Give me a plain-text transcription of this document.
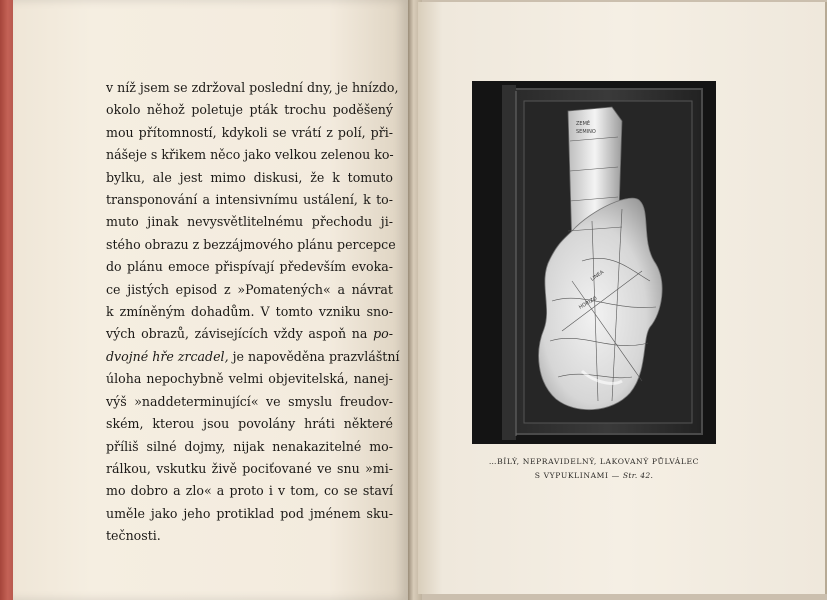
v níž jsem se zdržoval poslední dny, je hnízdo,
okolo něhož poletuje pták trochu poděšený
mou přítomností, kdykoli se vrátí z polí, při-
nášeje s křikem něco jako velkou zelenou ko-
bylku, ale jest mimo diskusi, že k tomuto
transponování a intensivnímu ustálení, k to-
muto jinak nevysvětlitelnému přechodu ji-
stého obrazu z bezzájmového plánu percepce
do plánu emoce přispívají především evoka-
ce jistých episod z »Pomatených« a návrat
k zmíněným dohadům. V tomto vzniku sno-
vých obrazů, závisejících vždy aspoň na po-
dvojné hře zrcadel, je napověděna prazvláštní
úloha nepochybně velmi objevitelská, nanej-
výš »naddeterminující« ve smyslu freudov-
ském, kterou jsou povolány hráti některé
příliš silné dojmy, nijak nenakazitelné mo-
rálkou, vskutku živě pociťované ve snu »mi-
mo dobro a zlo« a proto i v tom, co se staví
uměle jako jeho protiklad pod jménem sku-
tečnosti.
ZEMĚ
SEMINO
LINEA
HORIZO
…BÍLÝ, NEPRAVIDELNÝ, LAKOVANÝ PŮLVÁLEC
S VYPUKLINAMI — Str. 42.
